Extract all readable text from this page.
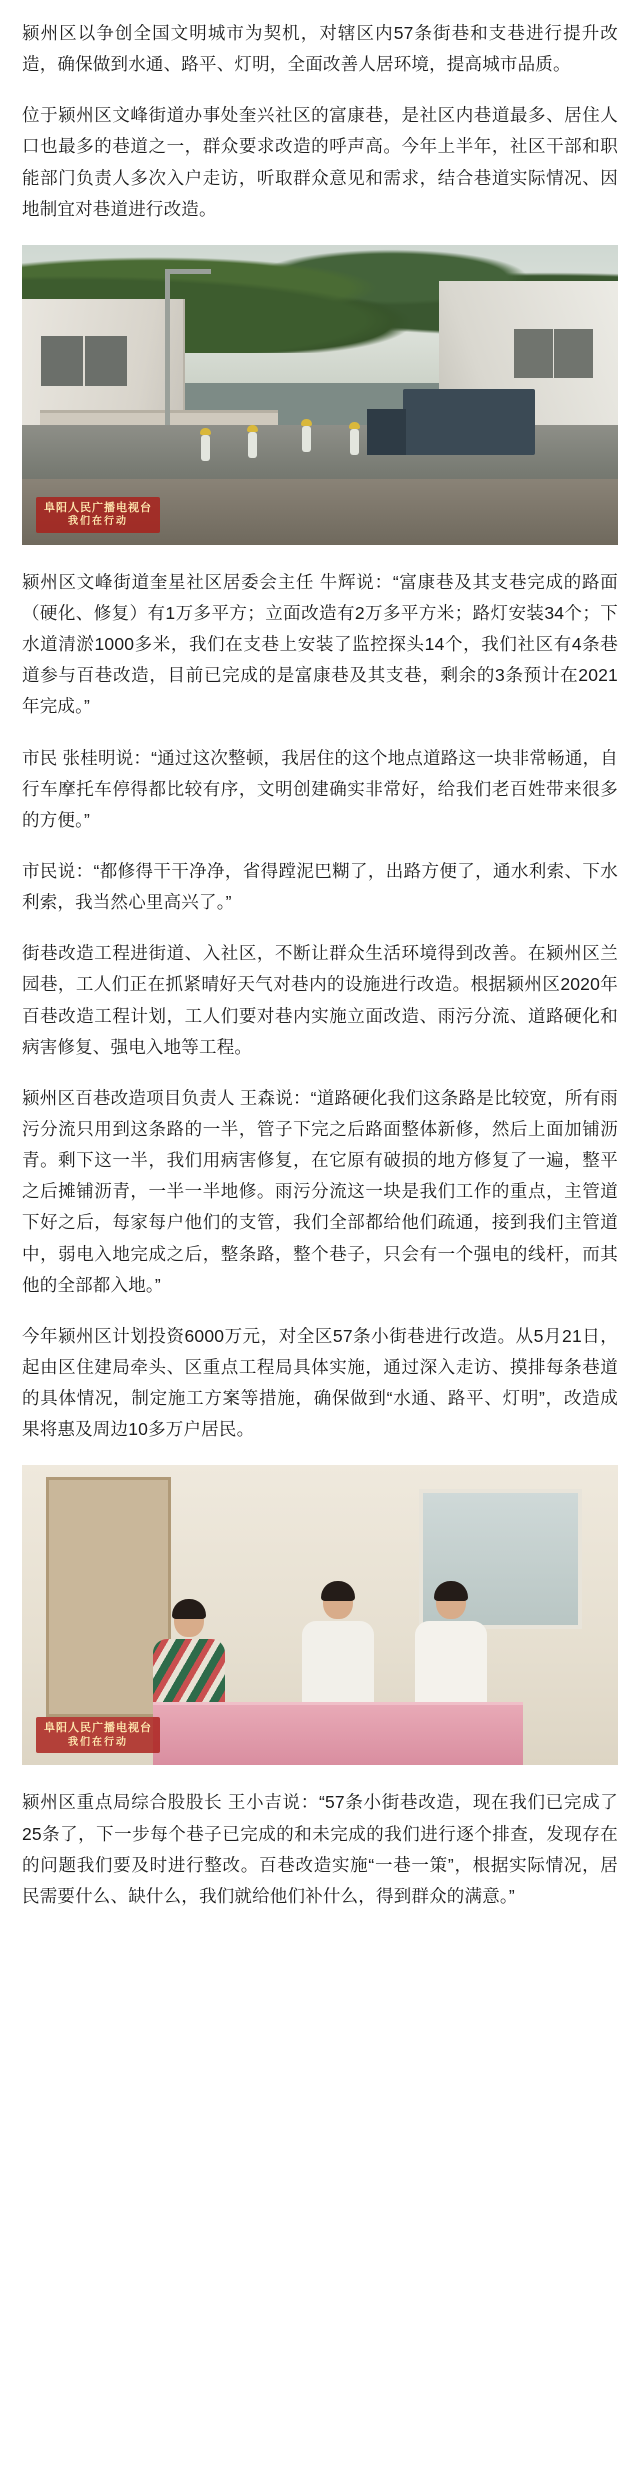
颍州区以争创全国文明城市为契机，对辖区内57条街巷和支巷进行提升改造，确保做到水通、路平、灯明，全面改善人居环境，提高城市品质。

位于颍州区文峰街道办事处奎兴社区的富康巷，是社区内巷道最多、居住人口也最多的巷道之一，群众要求改造的呼声高。今年上半年，社区干部和职能部门负责人多次入户走访，听取群众意见和需求，结合巷道实际情况、因地制宜对巷道进行改造。

阜阳人民广播电视台
我们在行动

颍州区文峰街道奎星社区居委会主任 牛辉说：“富康巷及其支巷完成的路面（硬化、修复）有1万多平方；立面改造有2万多平方米；路灯安装34个；下水道清淤1000多米，我们在支巷上安装了监控探头14个，我们社区有4条巷道参与百巷改造，目前已完成的是富康巷及其支巷，剩余的3条预计在2021年完成。”

市民 张桂明说：“通过这次整顿，我居住的这个地点道路这一块非常畅通，自行车摩托车停得都比较有序，文明创建确实非常好，给我们老百姓带来很多的方便。”

市民说：“都修得干干净净，省得蹚泥巴糊了，出路方便了，通水利索、下水利索，我当然心里高兴了。”

街巷改造工程进街道、入社区，不断让群众生活环境得到改善。在颍州区兰园巷，工人们正在抓紧晴好天气对巷内的设施进行改造。根据颍州区2020年百巷改造工程计划，工人们要对巷内实施立面改造、雨污分流、道路硬化和病害修复、强电入地等工程。

颍州区百巷改造项目负责人 王森说：“道路硬化我们这条路是比较宽，所有雨污分流只用到这条路的一半，管子下完之后路面整体新修，然后上面加铺沥青。剩下这一半，我们用病害修复，在它原有破损的地方修复了一遍，整平之后摊铺沥青，一半一半地修。雨污分流这一块是我们工作的重点，主管道下好之后，每家每户他们的支管，我们全部都给他们疏通，接到我们主管道中，弱电入地完成之后，整条路，整个巷子，只会有一个强电的线杆，而其他的全部都入地。”

今年颍州区计划投资6000万元，对全区57条小街巷进行改造。从5月21日，起由区住建局牵头、区重点工程局具体实施，通过深入走访、摸排每条巷道的具体情况，制定施工方案等措施，确保做到“水通、路平、灯明”，改造成果将惠及周边10多万户居民。

阜阳人民广播电视台
我们在行动

颍州区重点局综合股股长 王小吉说：“57条小街巷改造，现在我们已完成了25条了，下一步每个巷子已完成的和未完成的我们进行逐个排查，发现存在的问题我们要及时进行整改。百巷改造实施“一巷一策”，根据实际情况，居民需要什么、缺什么，我们就给他们补什么，得到群众的满意。”
